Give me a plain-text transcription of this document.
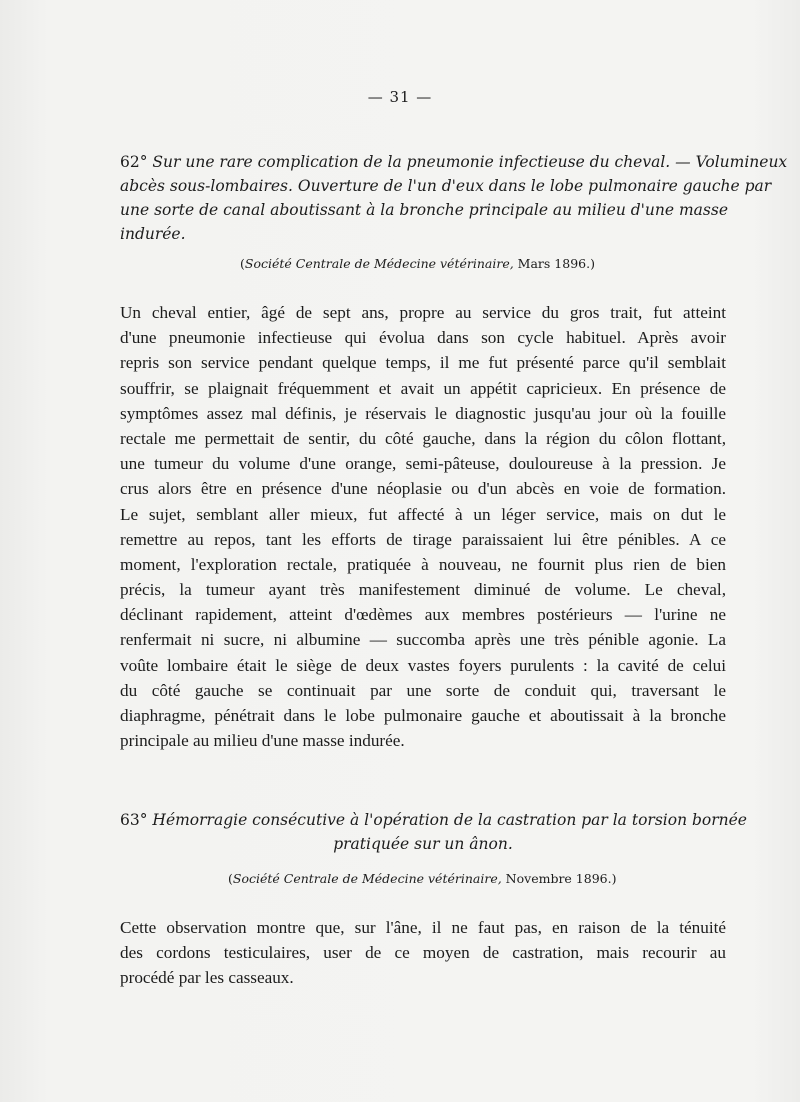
— 31 —
62° Sur une rare complication de la pneumonie infectieuse du cheval. — Volumineux
abcès sous-lombaires. Ouverture de l'un d'eux dans le lobe pulmonaire gauche par
une sorte de canal aboutissant à la bronche principale au milieu d'une masse
indurée.
(Société Centrale de Médecine vétérinaire, Mars 1896.)
Un cheval entier, âgé de sept ans, propre au service du gros trait, fut atteint
d'une pneumonie infectieuse qui évolua dans son cycle habituel. Après avoir
repris son service pendant quelque temps, il me fut présenté parce qu'il semblait
souffrir, se plaignait fréquemment et avait un appétit capricieux. En présence de
symptômes assez mal définis, je réservais le diagnostic jusqu'au jour où la fouille
rectale me permettait de sentir, du côté gauche, dans la région du côlon flottant,
une tumeur du volume d'une orange, semi-pâteuse, douloureuse à la pression. Je
crus alors être en présence d'une néoplasie ou d'un abcès en voie de formation.
Le sujet, semblant aller mieux, fut affecté à un léger service, mais on dut le
remettre au repos, tant les efforts de tirage paraissaient lui être pénibles. A ce
moment, l'exploration rectale, pratiquée à nouveau, ne fournit plus rien de bien
précis, la tumeur ayant très manifestement diminué de volume. Le cheval,
déclinant rapidement, atteint d'œdèmes aux membres postérieurs — l'urine ne
renfermait ni sucre, ni albumine — succomba après une très pénible agonie. La
voûte lombaire était le siège de deux vastes foyers purulents : la cavité de celui
du côté gauche se continuait par une sorte de conduit qui, traversant le
diaphragme, pénétrait dans le lobe pulmonaire gauche et aboutissait à la bronche
principale au milieu d'une masse indurée.
63° Hémorragie consécutive à l'opération de la castration par la torsion bornée
pratiquée sur un ânon.
(Société Centrale de Médecine vétérinaire, Novembre 1896.)
Cette observation montre que, sur l'âne, il ne faut pas, en raison de la ténuité
des cordons testiculaires, user de ce moyen de castration, mais recourir au
procédé par les casseaux.
